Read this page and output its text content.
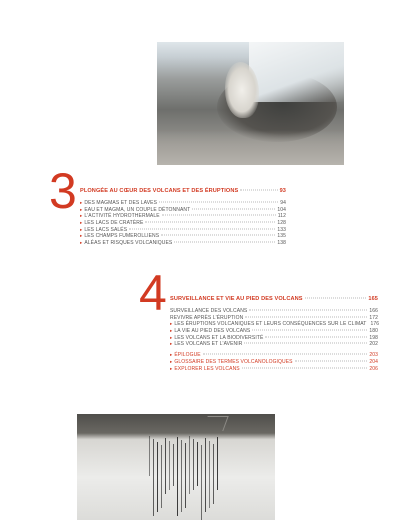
3 PLONGÉE AU CŒUR DES VOLCANS ET DES ÉRUPTIONS	93
▸ DES MAGMAS ET DES LAVES	94
▸ EAU ET MAGMA, UN COUPLE DÉTONNANT	104
▸ L'ACTIVITÉ HYDROTHERMALE	112
▸ LES LACS DE CRATÈRE	128
▸ LES LACS SALÉS	133
▸ LES CHAMPS FUMEROLLIENS	135
▸ ALÉAS ET RISQUES VOLCANIQUES	138
4 SURVEILLANCE ET VIE AU PIED DES VOLCANS	165
SURVEILLANCE DES VOLCANS	166
REVIVRE APRÈS L'ÉRUPTION	172
▸ LES ÉRUPTIONS VOLCANIQUES ET LEURS CONSÉQUENCES SUR LE CLIMAT 176
▸ LA VIE AU PIED DES VOLCANS	180
▸ LES VOLCANS ET LA BIODIVERSITÉ	198
▸ LES VOLCANS ET L'AVENIR	202
▸ ÉPILOGUE	203
▸ GLOSSAIRE DES TERMES VOLCANOLOGIQUES	204
▸ EXPLORER LES VOLCANS	206
